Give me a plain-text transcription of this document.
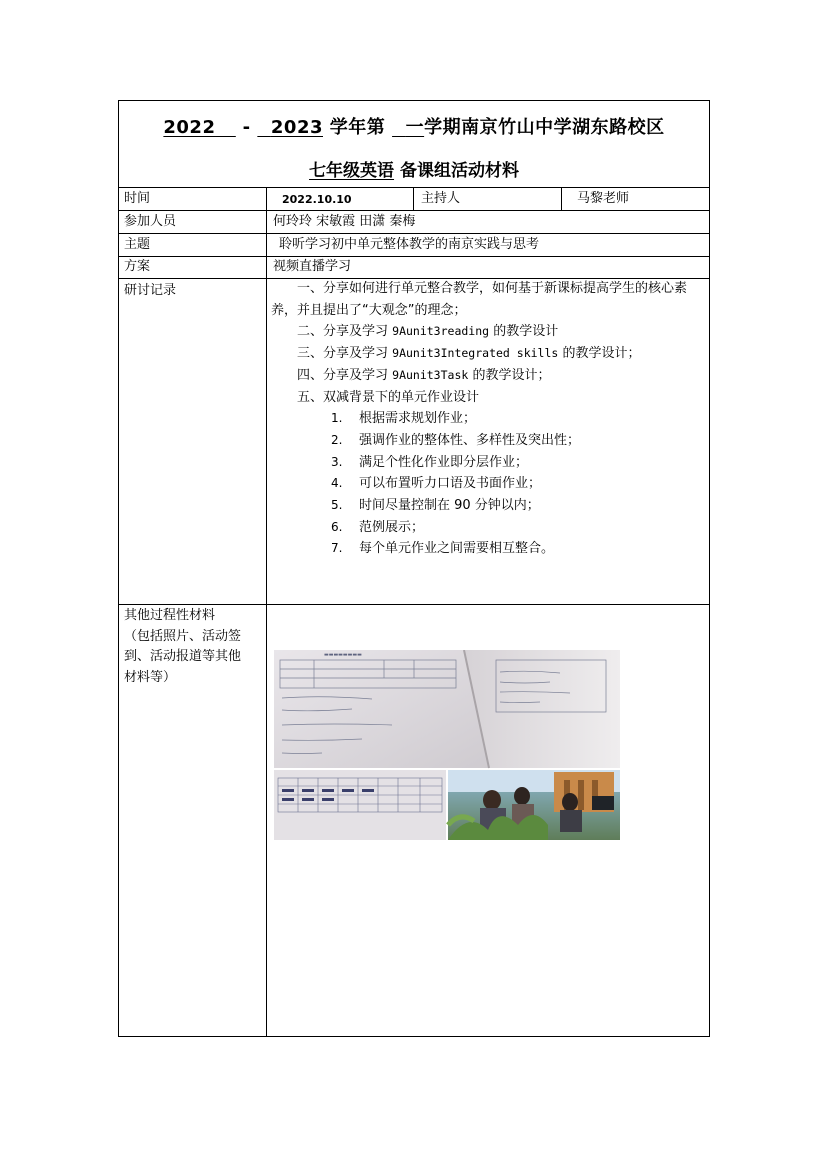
2022 - 2023 学年第 一学期南京竹山中学湖东路校区
七年级英语 备课组活动材料
时间	2022.10.10	主持人	马黎老师
参加人员	何玲玲 宋敏霞 田潇 秦梅
主题	聆听学习初中单元整体教学的南京实践与思考
方案	视频直播学习
研讨记录	一、分享如何进行单元整合教学，如何基于新课标提高学生的核心素养，并且提出了“大观念”的理念；

二、分享及学习 9Aunit3reading 的教学设计

三、分享及学习 9Aunit3Integrated skills 的教学设计；

四、分享及学习 9Aunit3Task 的教学设计；

五、双减背景下的单元作业设计

1. 根据需求规划作业；

2. 强调作业的整体性、多样性及突出性；

3. 满足个性化作业即分层作业；

4. 可以布置听力口语及书面作业；

5. 时间尽量控制在 90 分钟以内；

6. 范例展示；

7. 每个单元作业之间需要相互整合。

其他过程性材料
（包括照片、活动签
到、活动报道等其他
材料等）
▬▬▬▬▬▬▬▬
